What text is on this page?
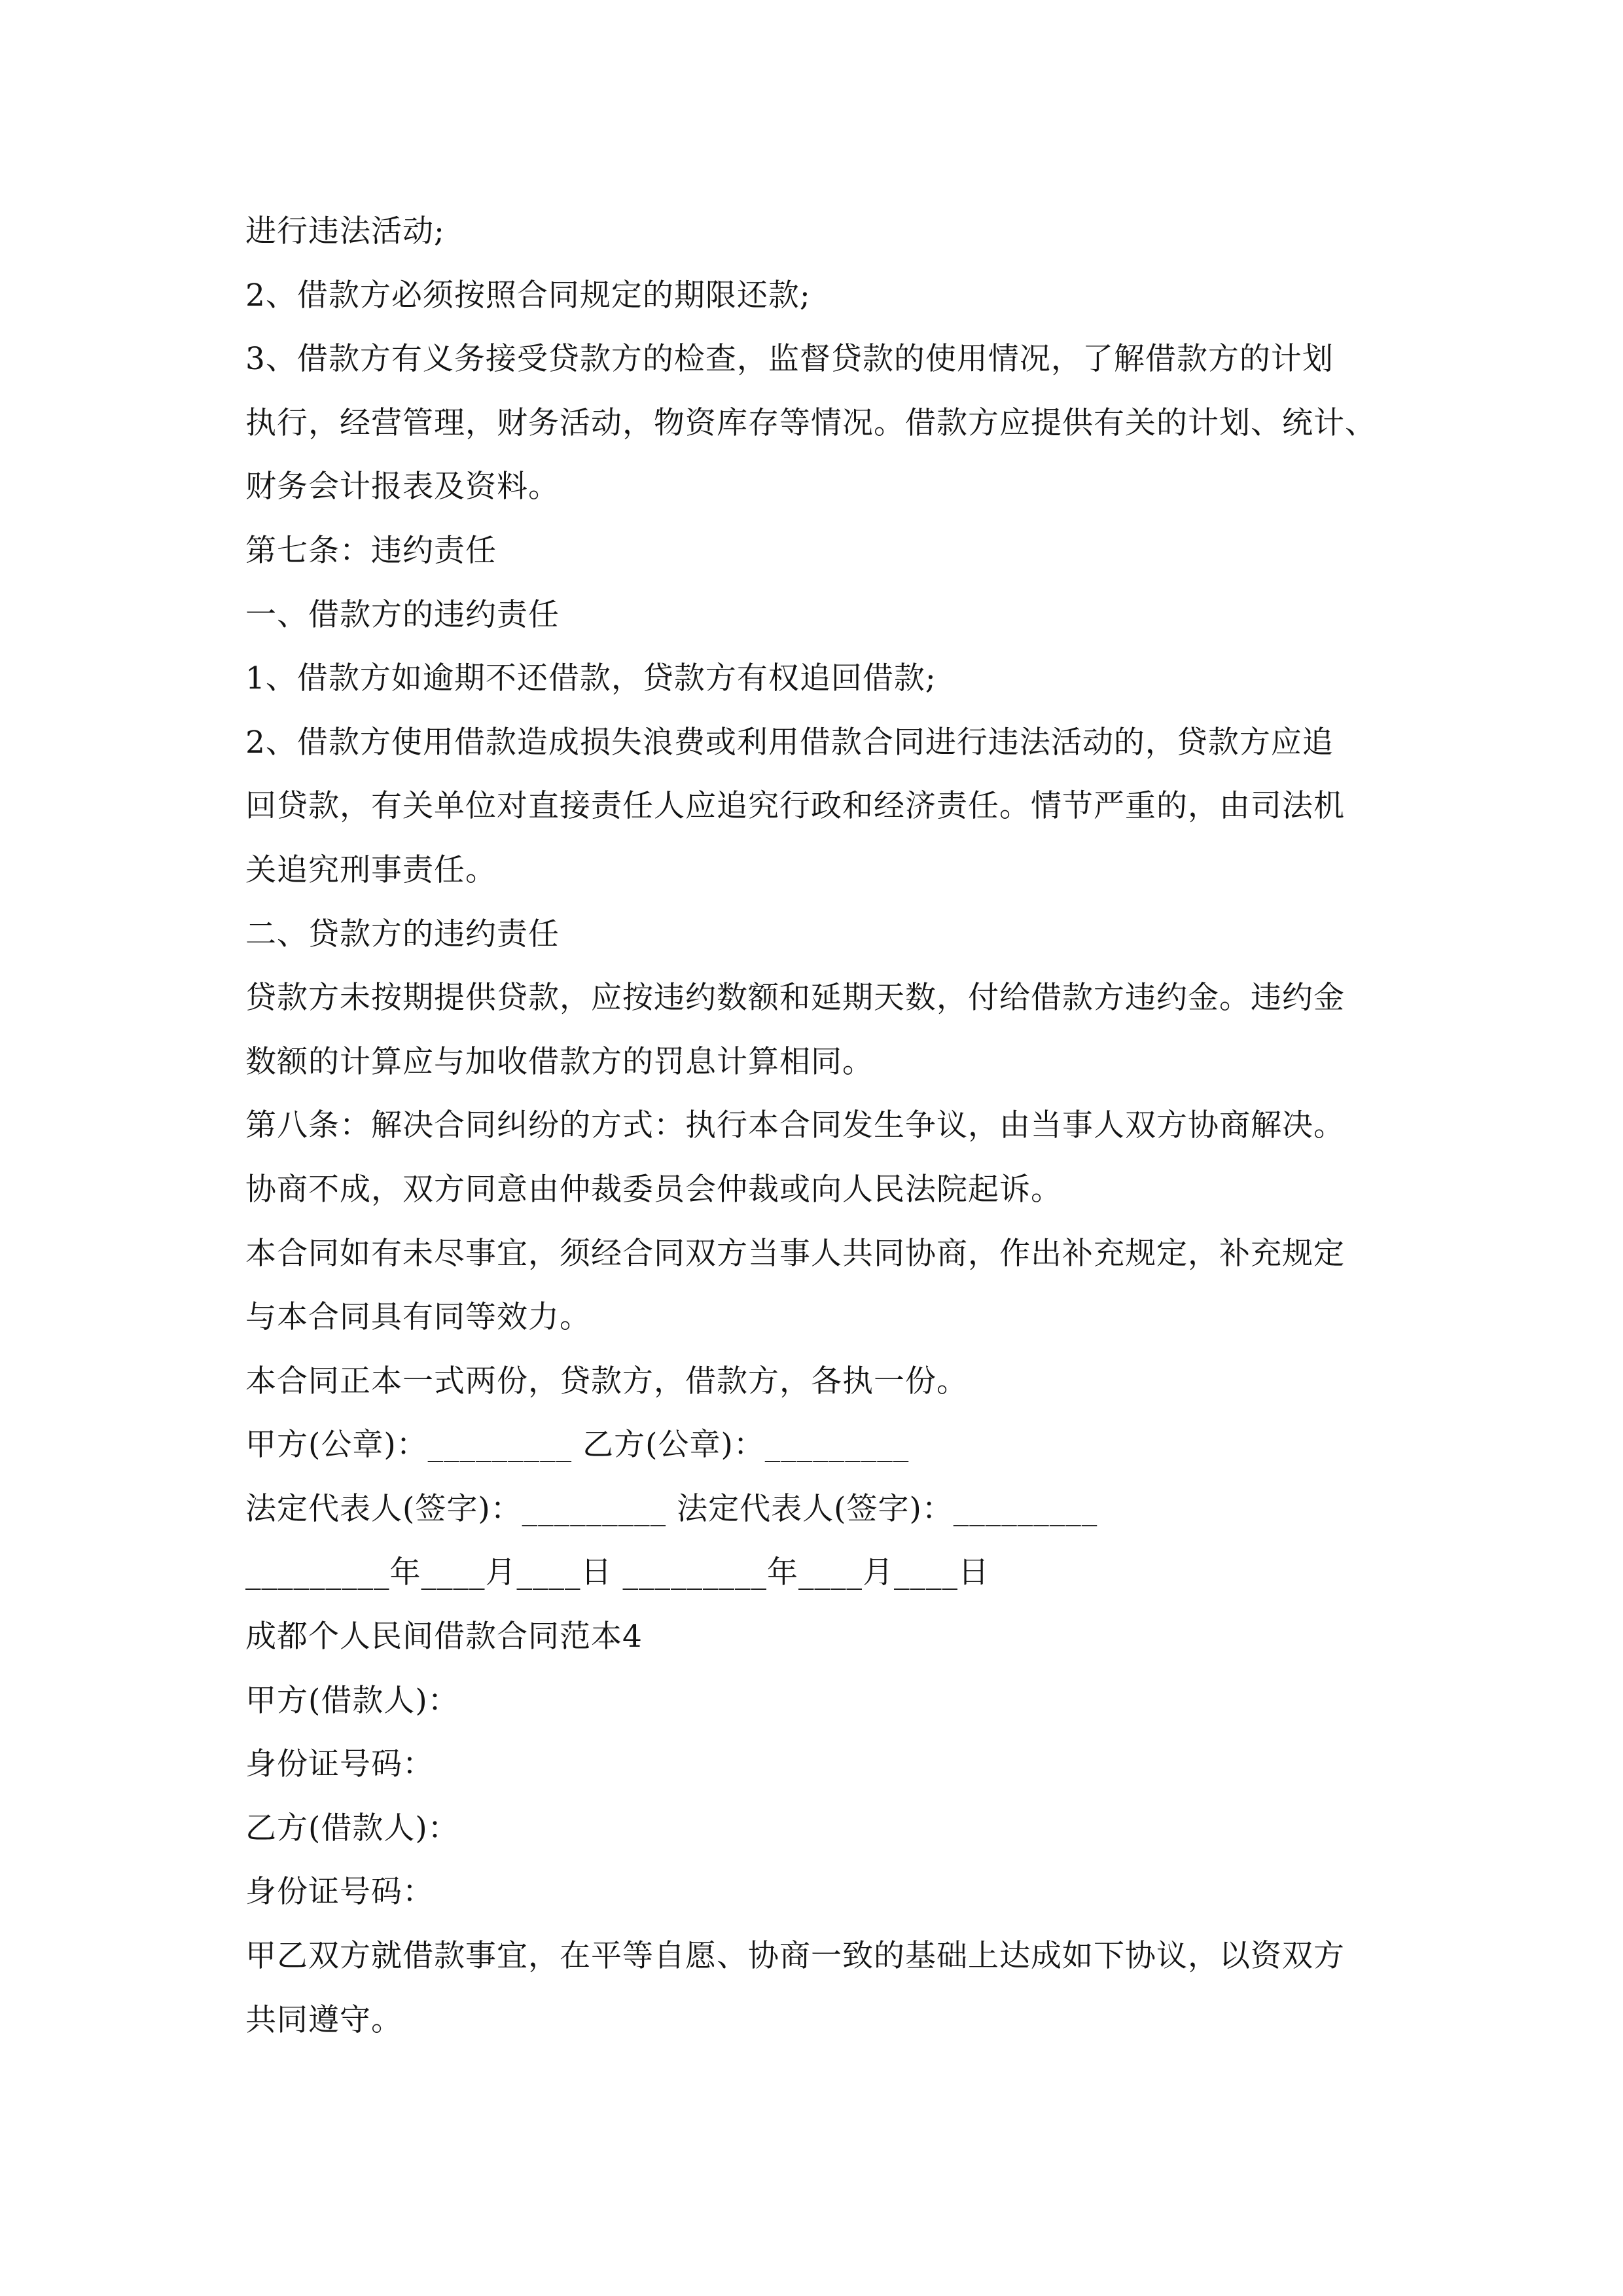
进行违法活动;
2、借款方必须按照合同规定的期限还款;
3、借款方有义务接受贷款方的检查，监督贷款的使用情况，了解借款方的计划
执行，经营管理，财务活动，物资库存等情况。借款方应提供有关的计划、统计、
财务会计报表及资料。
第七条：违约责任
一、借款方的违约责任
1、借款方如逾期不还借款，贷款方有权追回借款;
2、借款方使用借款造成损失浪费或利用借款合同进行违法活动的，贷款方应追
回贷款，有关单位对直接责任人应追究行政和经济责任。情节严重的，由司法机
关追究刑事责任。
二、贷款方的违约责任
贷款方未按期提供贷款，应按违约数额和延期天数，付给借款方违约金。违约金
数额的计算应与加收借款方的罚息计算相同。
第八条：解决合同纠纷的方式：执行本合同发生争议，由当事人双方协商解决。
协商不成，双方同意由仲裁委员会仲裁或向人民法院起诉。
本合同如有未尽事宜，须经合同双方当事人共同协商，作出补充规定，补充规定
与本合同具有同等效力。
本合同正本一式两份，贷款方，借款方，各执一份。
甲方(公章)：_________ 乙方(公章)：_________
法定代表人(签字)：_________ 法定代表人(签字)：_________
_________年____月____日 _________年____月____日
成都个人民间借款合同范本4
甲方(借款人)：
身份证号码：
乙方(借款人)：
身份证号码：
甲乙双方就借款事宜，在平等自愿、协商一致的基础上达成如下协议，以资双方
共同遵守。
